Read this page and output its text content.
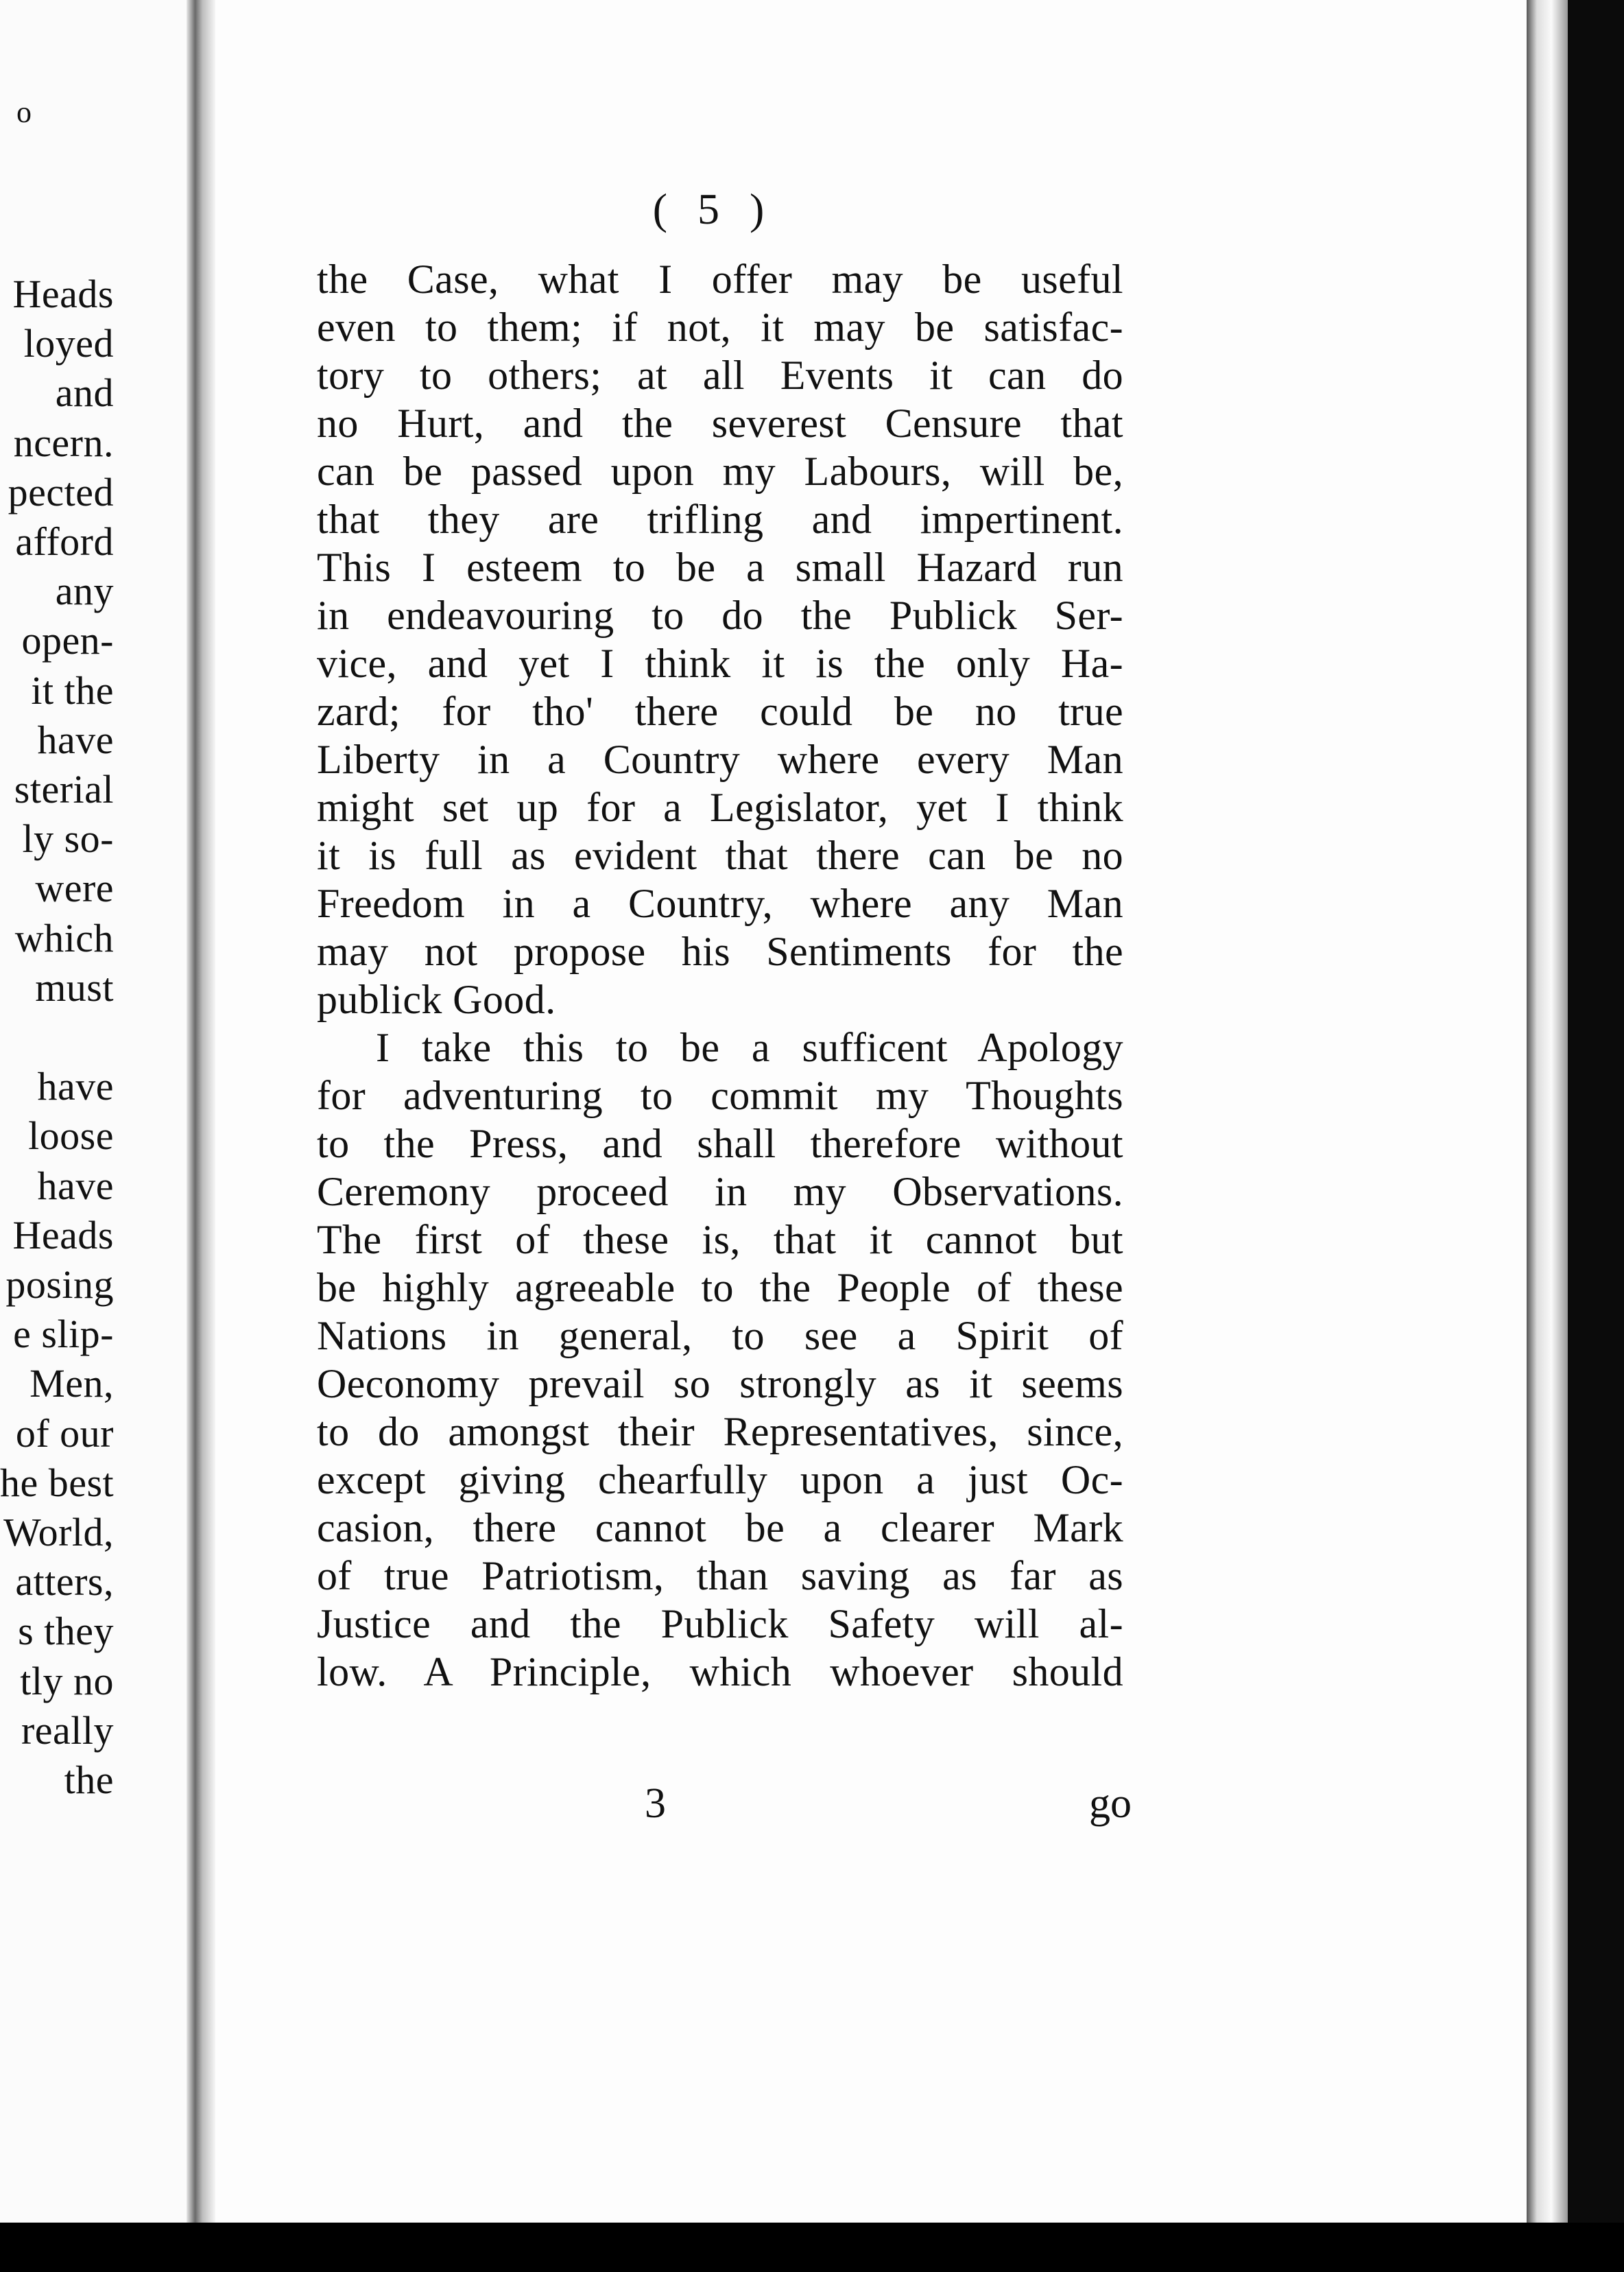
o
Heads
loyed
and
ncern.
pected
afford
any
open-
it the
have
sterial
ly so-
were
which
must
have
loose
have
Heads
posing
e slip-
Men,
of our
he best
World,
atters,
s they
tly no
really
the
( 5 )
the Case, what I offer may be useful
even to them; if not, it may be satisfac-
tory to others; at all Events it can do
no Hurt, and the severest Censure that
can be passed upon my Labours, will be,
that they are trifling and impertinent.
This I esteem to be a small Hazard run
in endeavouring to do the Publick Ser-
vice, and yet I think it is the only Ha-
zard; for tho' there could be no true
Liberty in a Country where every Man
might set up for a Legislator, yet I think
it is full as evident that there can be no
Freedom in a Country, where any Man
may not propose his Sentiments for the
publick Good.
I take this to be a sufficent Apology
for adventuring to commit my Thoughts
to the Press, and shall therefore without
Ceremony proceed in my Observations.
The first of these is, that it cannot but
be highly agreeable to the People of these
Nations in general, to see a Spirit of
Oeconomy prevail so strongly as it seems
to do amongst their Representatives, since,
except giving chearfully upon a just Oc-
casion, there cannot be a clearer Mark
of true Patriotism, than saving as far as
Justice and the Publick Safety will al-
low. A Principle, which whoever should
3	go
